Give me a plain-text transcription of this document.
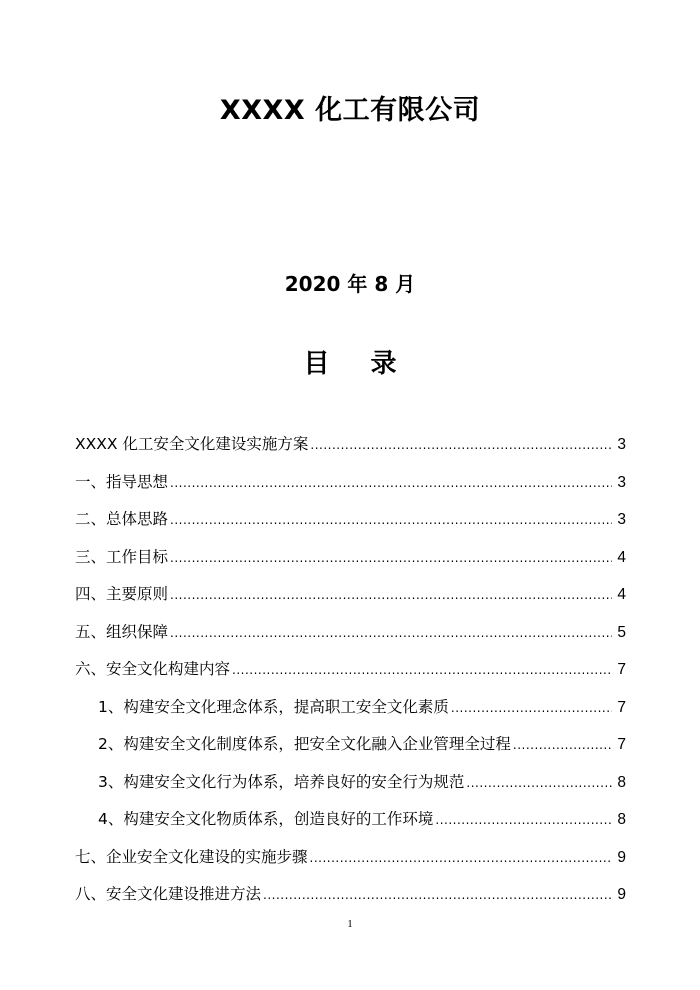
XXXX 化工有限公司
2020 年 8 月
目 录
XXXX 化工安全文化建设实施方案 .....	3
一、指导思想 .....	3
二、总体思路 .....	3
三、工作目标 .....	4
四、主要原则 .....	4
五、组织保障 .....	5
六、安全文化构建内容 .....	7
1、构建安全文化理念体系，提高职工安全文化素质 .....	7
2、构建安全文化制度体系，把安全文化融入企业管理全过程 .....	7
3、构建安全文化行为体系，培养良好的安全行为规范 .....	8
4、构建安全文化物质体系，创造良好的工作环境 .....	8
七、企业安全文化建设的实施步骤 .....	9
八、安全文化建设推进方法 .....	9
1
